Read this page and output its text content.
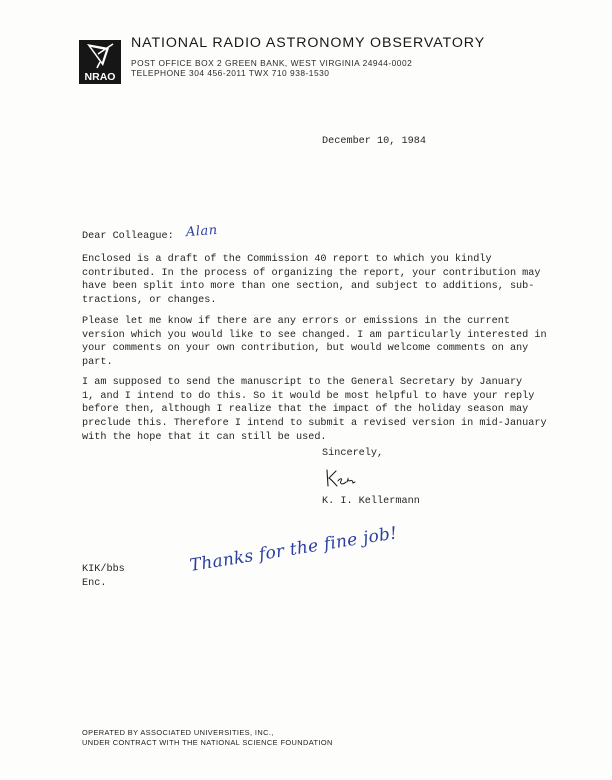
NRAO
NATIONAL RADIO ASTRONOMY OBSERVATORY
POST OFFICE BOX 2 GREEN BANK, WEST VIRGINIA 24944-0002
TELEPHONE 304 456-2011 TWX 710 938-1530
December 10, 1984
Dear Colleague: Alan
Enclosed is a draft of the Commission 40 report to which you kindly
contributed. In the process of organizing the report, your contribution may
have been split into more than one section, and subject to additions, sub-
tractions, or changes.
Please let me know if there are any errors or emissions in the current
version which you would like to see changed. I am particularly interested in
your comments on your own contribution, but would welcome comments on any
part.
I am supposed to send the manuscript to the General Secretary by January
1, and I intend to do this. So it would be most helpful to have your reply
before then, although I realize that the impact of the holiday season may
preclude this. Therefore I intend to submit a revised version in mid-January
with the hope that it can still be used.
Sincerely,
K. I. Kellermann
KIK/bbs
Enc.
Thanks for the fine job!
OPERATED BY ASSOCIATED UNIVERSITIES, INC.,
UNDER CONTRACT WITH THE NATIONAL SCIENCE FOUNDATION
